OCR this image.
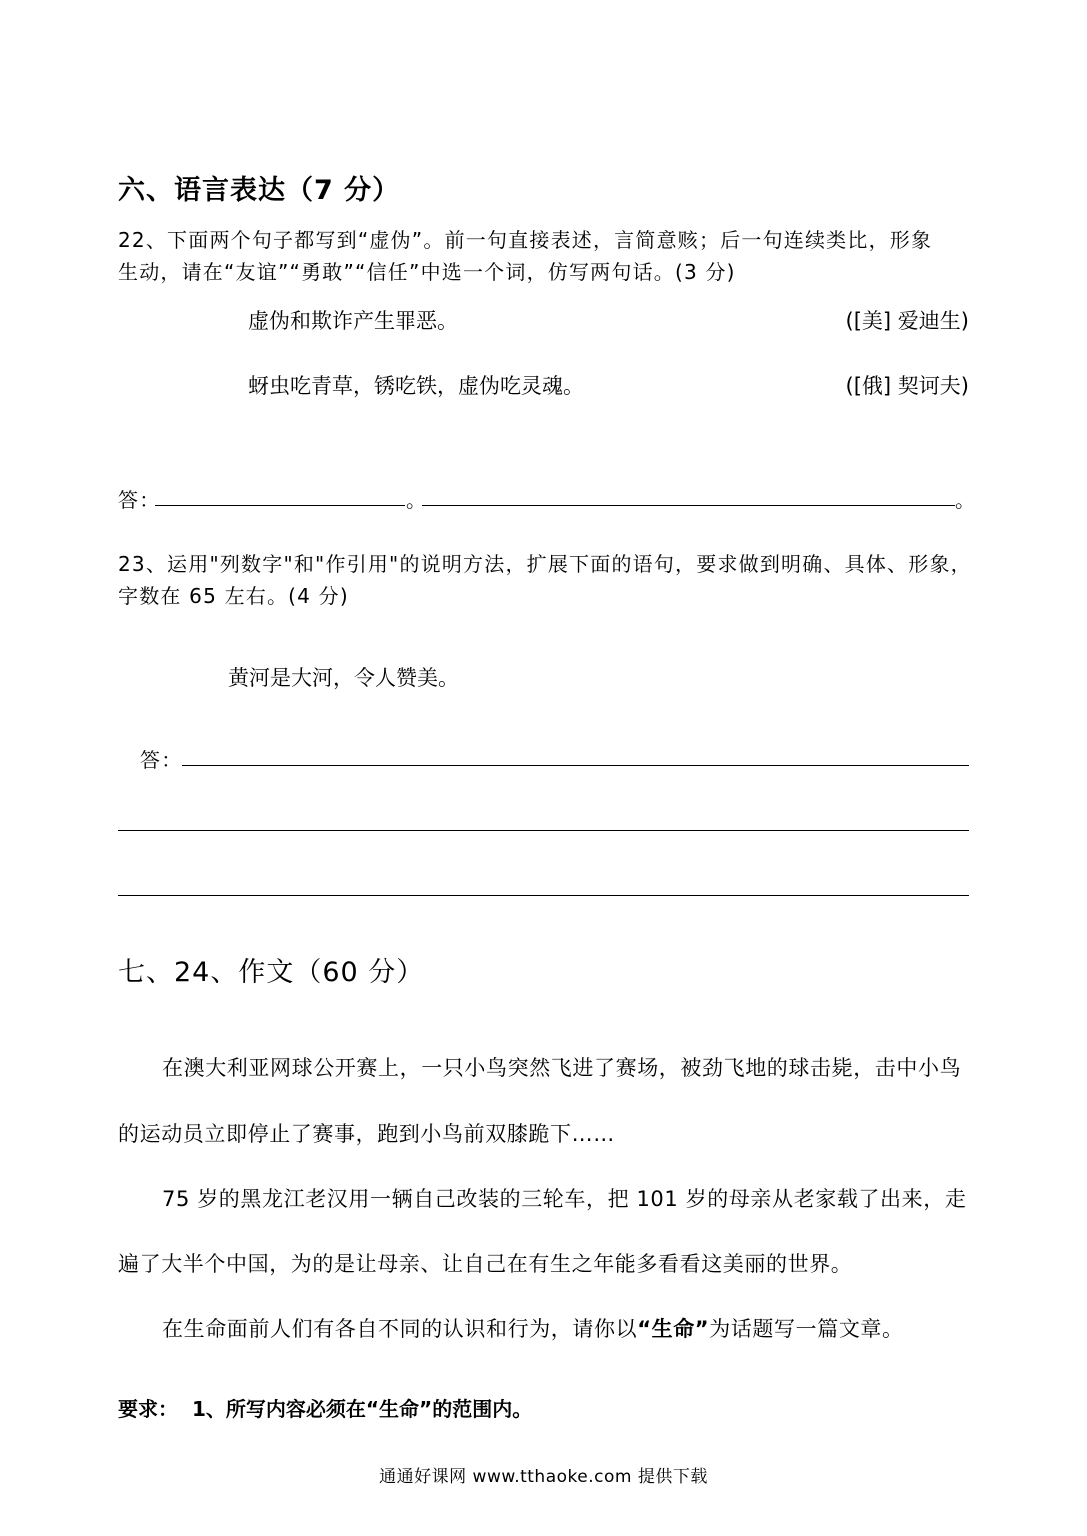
六、语言表达（7 分）
22、下面两个句子都写到“虚伪”。前一句直接表述，言简意赅；后一句连续类比，形象
生动，请在“友谊”“勇敢”“信任”中选一个词，仿写两句话。(3 分)
虚伪和欺诈产生罪恶。	([美] 爱迪生)
蚜虫吃青草，锈吃铁，虚伪吃灵魂。	([俄] 契诃夫)
答：	。	。
23、运用"列数字"和"作引用"的说明方法，扩展下面的语句，要求做到明确、具体、形象，
字数在 65 左右。(4 分)
黄河是大河，令人赞美。
答：
七、24、作文（60 分）
在澳大利亚网球公开赛上，一只小鸟突然飞进了赛场，被劲飞地的球击毙，击中小鸟
的运动员立即停止了赛事，跑到小鸟前双膝跪下……
75 岁的黑龙江老汉用一辆自己改装的三轮车，把 101 岁的母亲从老家载了出来，走
遍了大半个中国，为的是让母亲、让自己在有生之年能多看看这美丽的世界。
在生命面前人们有各自不同的认识和行为，请你以“生命”为话题写一篇文章。
要求： 1、所写内容必须在“生命”的范围内。
通通好课网 www.tthaoke.com 提供下载
